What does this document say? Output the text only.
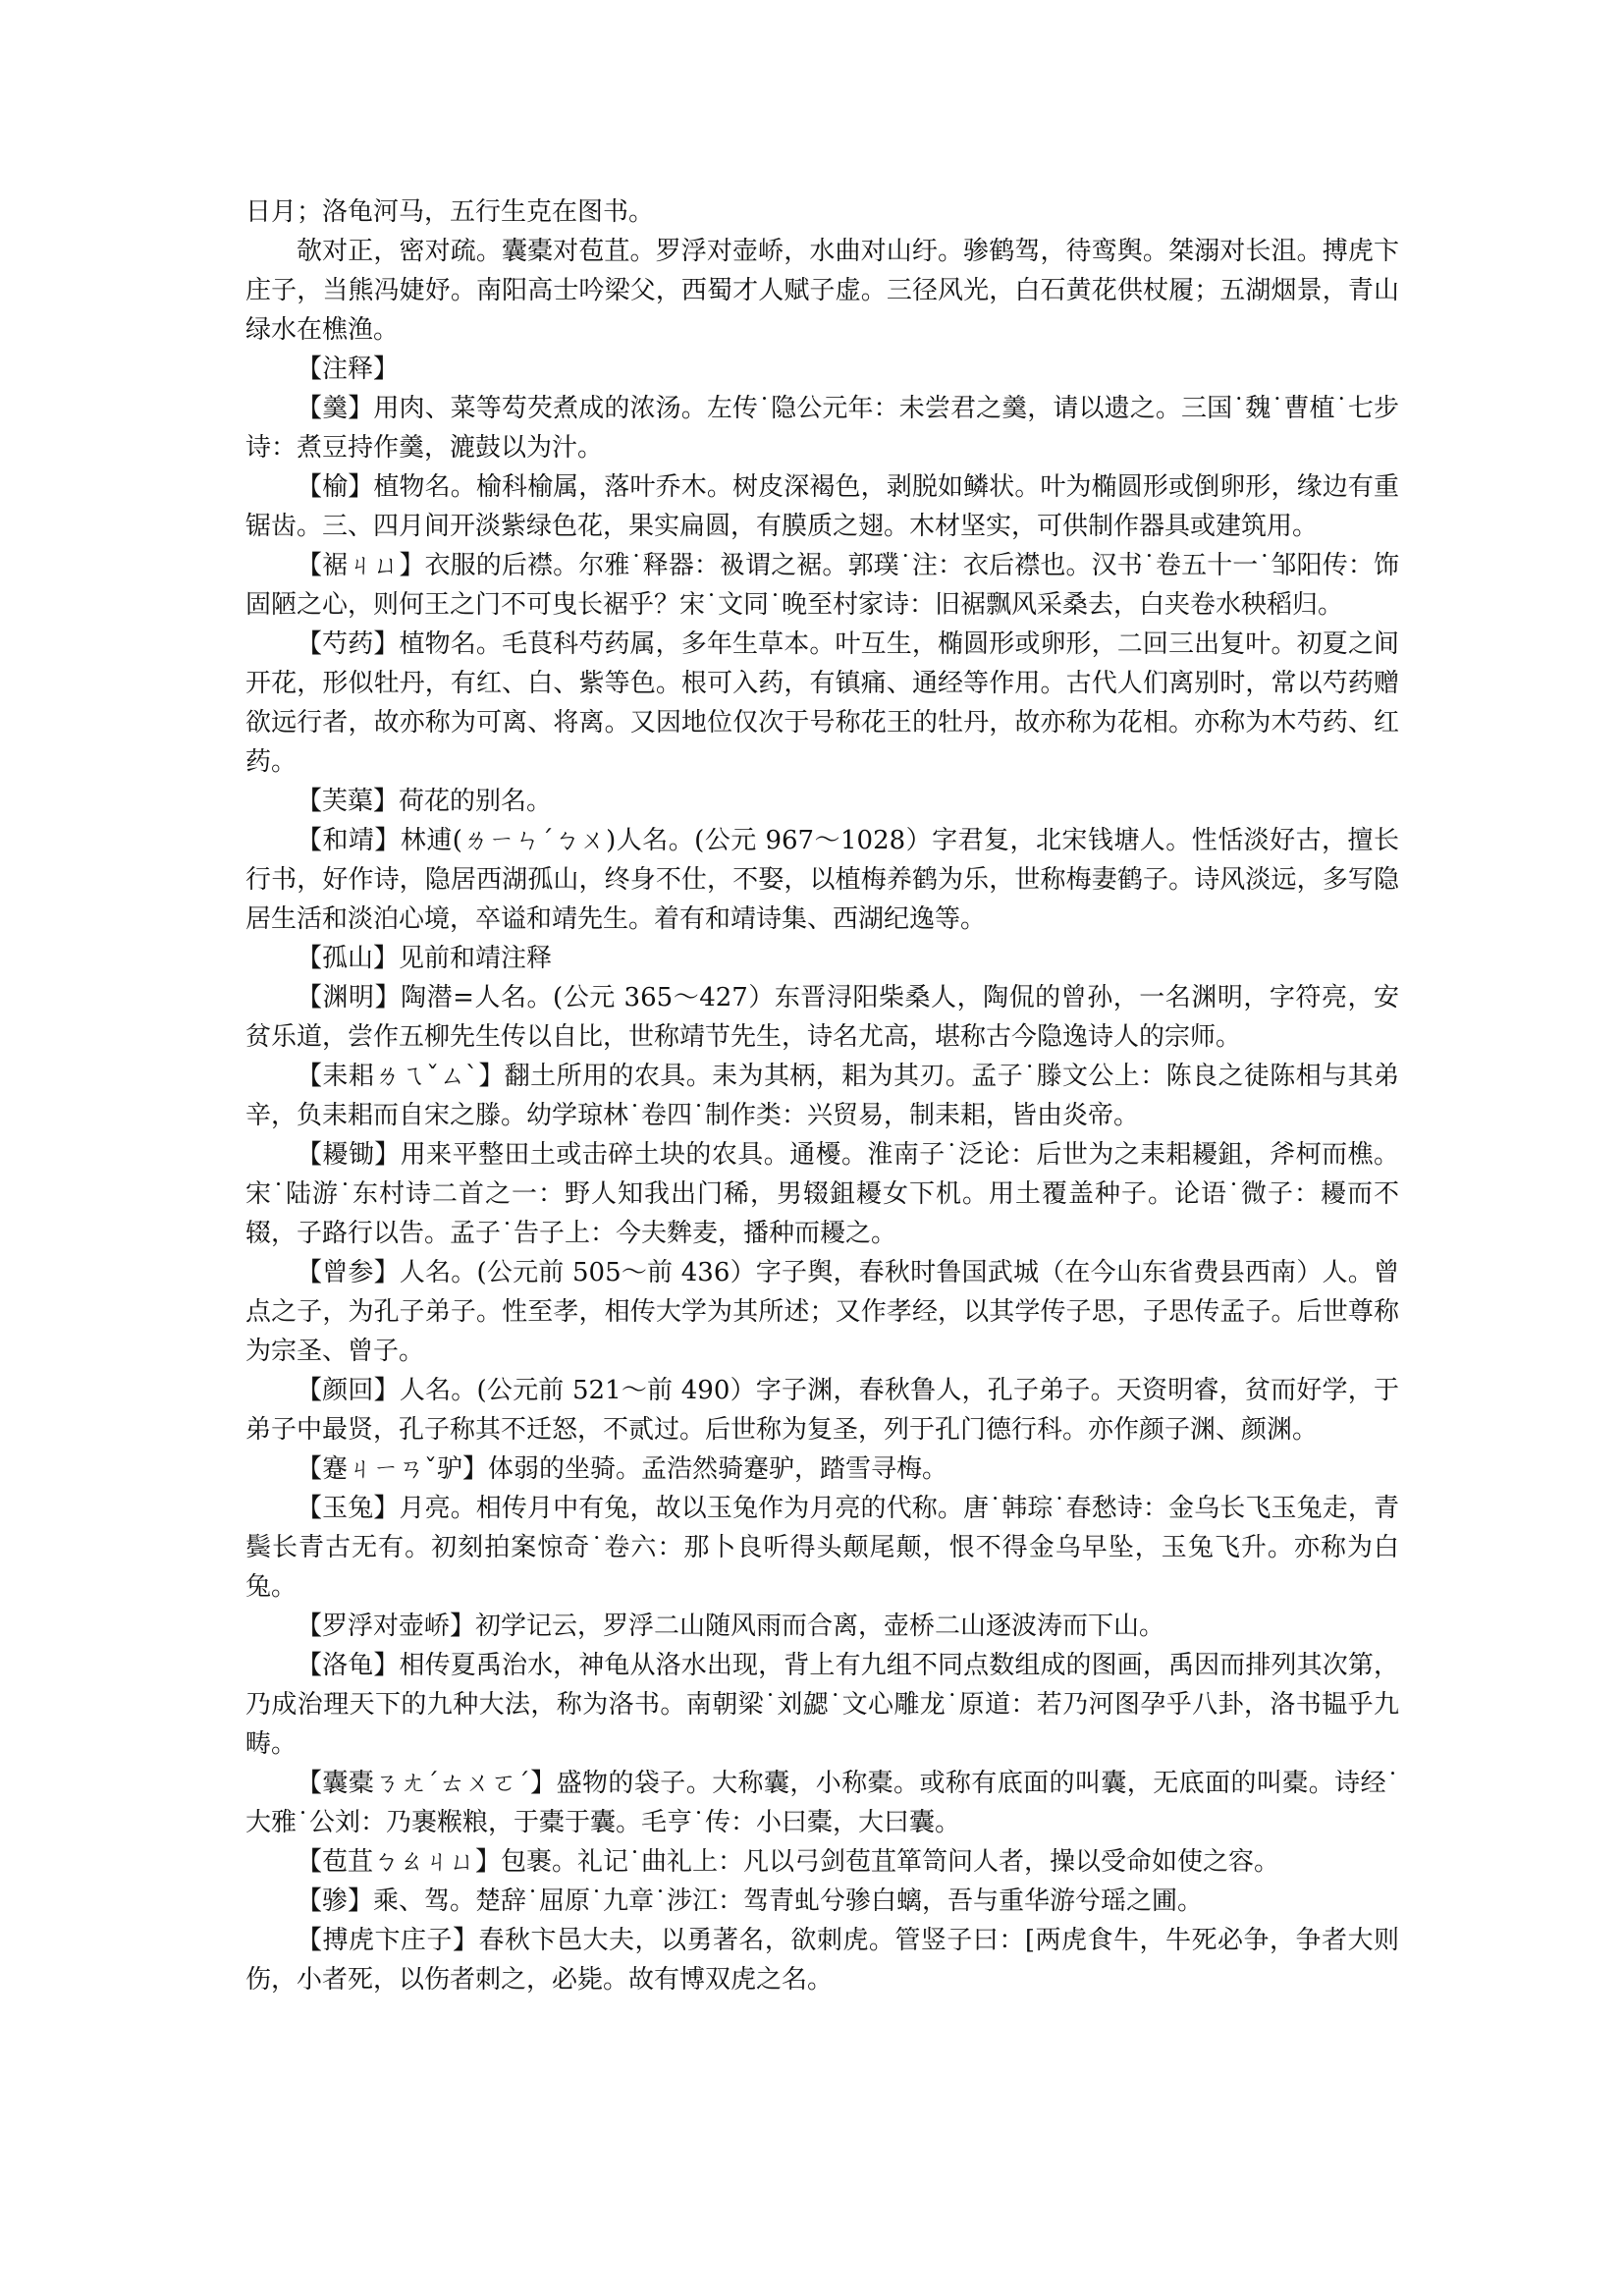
日月；洛龟河马，五行生克在图书。

欹对正，密对疏。囊橐对苞苴。罗浮对壶峤，水曲对山纡。骖鹤驾，待鸾舆。桀溺对长沮。搏虎卞庄子，当熊冯婕妤。南阳高士吟梁父，西蜀才人赋子虚。三径风光，白石黄花供杖履；五湖烟景，青山绿水在樵渔。

【注释】

【羹】用肉、菜等芶芡煮成的浓汤。左传˙隐公元年：未尝君之羹，请以遗之。三国˙魏˙曹植˙七步诗：煮豆持作羹，漉鼓以为汁。

【榆】植物名。榆科榆属，落叶乔木。树皮深褐色，剥脱如鳞状。叶为椭圆形或倒卵形，缘边有重锯齿。三、四月间开淡紫绿色花，果实扁圆，有膜质之翅。木材坚实，可供制作器具或建筑用。

【裾ㄐㄩ】衣服的后襟。尔雅˙释器：衱谓之裾。郭璞˙注：衣后襟也。汉书˙卷五十一˙邹阳传：饰固陋之心，则何王之门不可曳长裾乎？宋˙文同˙晚至村家诗：旧裾飘风采桑去，白夹卷水秧稻归。

【芍药】植物名。毛茛科芍药属，多年生草本。叶互生，椭圆形或卵形，二回三出复叶。初夏之间开花，形似牡丹，有红、白、紫等色。根可入药，有镇痛、通经等作用。古代人们离别时，常以芍药赠欲远行者，故亦称为可离、将离。又因地位仅次于号称花王的牡丹，故亦称为花相。亦称为木芍药、红药。

【芙蕖】荷花的别名。

【和靖】林逋(ㄌㄧㄣˊㄅㄨ)人名。(公元 967～1028）字君复，北宋钱塘人。性恬淡好古，擅长行书，好作诗，隐居西湖孤山，终身不仕，不娶，以植梅养鹤为乐，世称梅妻鹤子。诗风淡远，多写隐居生活和淡泊心境，卒谥和靖先生。着有和靖诗集、西湖纪逸等。

【孤山】见前和靖注释

【渊明】陶潜=人名。(公元 365～427）东晋浔阳柴桑人，陶侃的曾孙，一名渊明，字符亮，安贫乐道，尝作五柳先生传以自比，世称靖节先生，诗名尤高，堪称古今隐逸诗人的宗师。

【耒耜ㄌㄟˇㄙˋ】翻土所用的农具。耒为其柄，耜为其刃。孟子˙滕文公上：陈良之徒陈相与其弟辛，负耒耜而自宋之滕。幼学琼林˙卷四˙制作类：兴贸易，制耒耜，皆由炎帝。

【耰锄】用来平整田土或击碎土块的农具。通櫌。淮南子˙泛论：后世为之耒耜耰鉏，斧柯而樵。宋˙陆游˙东村诗二首之一：野人知我出门稀，男辍鉏耰女下机。用土覆盖种子。论语˙微子：耰而不辍，子路行以告。孟子˙告子上：今夫麰麦，播种而耰之。

【曾参】人名。(公元前 505～前 436）字子舆，春秋时鲁国武城（在今山东省费县西南）人。曾点之子，为孔子弟子。性至孝，相传大学为其所述；又作孝经，以其学传子思，子思传孟子。后世尊称为宗圣、曾子。

【颜回】人名。(公元前 521～前 490）字子渊，春秋鲁人，孔子弟子。天资明睿，贫而好学，于弟子中最贤，孔子称其不迁怒，不贰过。后世称为复圣，列于孔门德行科。亦作颜子渊、颜渊。

【蹇ㄐㄧㄢˇ驴】体弱的坐骑。孟浩然骑蹇驴，踏雪寻梅。

【玉兔】月亮。相传月中有兔，故以玉兔作为月亮的代称。唐˙韩琮˙春愁诗：金乌长飞玉兔走，青鬓长青古无有。初刻拍案惊奇˙卷六：那卜良听得头颠尾颠，恨不得金乌早坠，玉兔飞升。亦称为白兔。

【罗浮对壶峤】初学记云，罗浮二山随风雨而合离，壶桥二山逐波涛而下山。

【洛龟】相传夏禹治水，神龟从洛水出现，背上有九组不同点数组成的图画，禹因而排列其次第，乃成治理天下的九种大法，称为洛书。南朝梁˙刘勰˙文心雕龙˙原道：若乃河图孕乎八卦，洛书韫乎九畴。

【囊橐ㄋㄤˊㄊㄨㄛˊ】盛物的袋子。大称囊，小称橐。或称有底面的叫囊，无底面的叫橐。诗经˙大雅˙公刘：乃裹糇粮，于橐于囊。毛亨˙传：小曰橐，大曰囊。

【苞苴ㄅㄠㄐㄩ】包裹。礼记˙曲礼上：凡以弓剑苞苴箪笥问人者，操以受命如使之容。

【骖】乘、驾。楚辞˙屈原˙九章˙涉江：驾青虬兮骖白螭，吾与重华游兮瑶之圃。

【搏虎卞庄子】春秋卞邑大夫，以勇著名，欲刺虎。管竖子曰：[两虎食牛，牛死必争，争者大则伤，小者死，以伤者刺之，必毙。故有博双虎之名。
